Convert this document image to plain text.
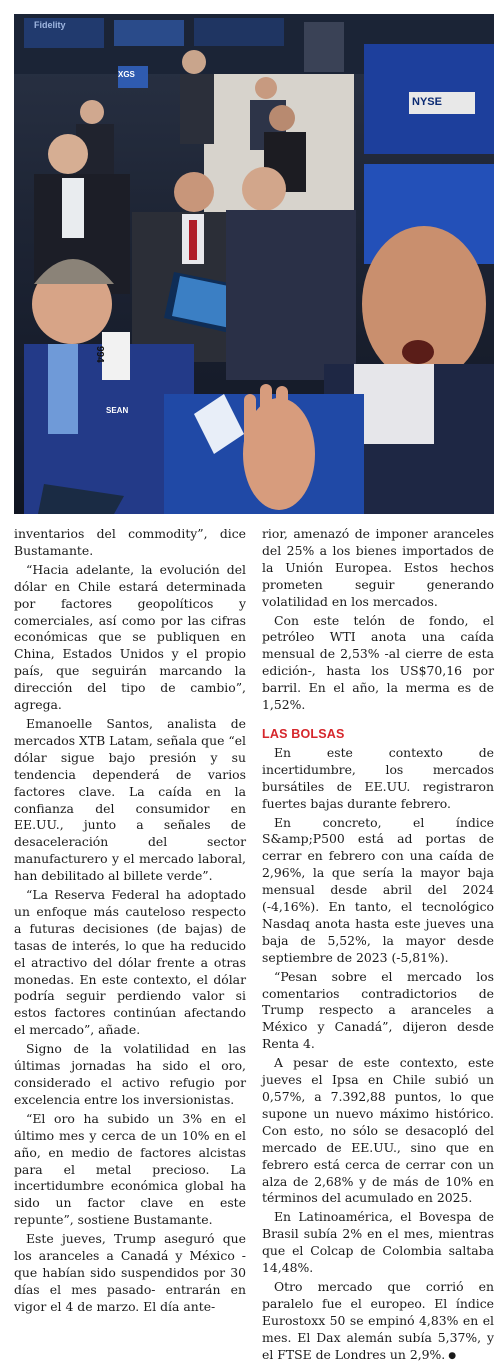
NYSE
XGS
Fidelity
994
SEAN

inventarios del commodity”, dice Bustamante.

“Hacia adelante, la evolución del dólar en Chile estará determinada por factores geopolíticos y comerciales, así como por las cifras económicas que se publiquen en China, Estados Unidos y el propio país, que seguirán marcando la dirección del tipo de cambio”, agrega.

Emanoelle Santos, analista de mercados XTB Latam, señala que “el dólar sigue bajo presión y su tendencia dependerá de varios factores clave. La caída en la confianza del consumidor en EE.UU., junto a señales de desaceleración del sector manufacturero y el mercado laboral, han debilitado al billete verde”.

“La Reserva Federal ha adoptado un enfoque más cauteloso respecto a futuras decisiones (de bajas) de tasas de interés, lo que ha reducido el atractivo del dólar frente a otras monedas. En este contexto, el dólar podría seguir perdiendo valor si estos factores continúan afectando el mercado”, añade.

Signo de la volatilidad en las últimas jornadas ha sido el oro, considerado el activo refugio por excelencia entre los inversionistas.

“El oro ha subido un 3% en el último mes y cerca de un 10% en el año, en medio de factores alcistas para el metal precioso. La incertidumbre económica global ha sido un factor clave en este repunte”, sostiene Bustamante.

Este jueves, Trump aseguró que los aranceles a Canadá y México -que habían sido suspendidos por 30 días el mes pasado- entrarán en vigor el 4 de marzo. El día ante-

rior, amenazó de imponer aranceles del 25% a los bienes importados de la Unión Europea. Estos hechos prometen seguir generando volatilidad en los mercados.

Con este telón de fondo, el petróleo WTI anota una caída mensual de 2,53% -al cierre de esta edición-, hasta los US$70,16 por barril. En el año, la merma es de 1,52%.

LAS BOLSAS

En este contexto de incertidumbre, los mercados bursátiles de EE.UU. registraron fuertes bajas durante febrero.

En concreto, el índice S&amp;P500 está ad portas de cerrar en febrero con una caída de 2,96%, la que sería la mayor baja mensual desde abril del 2024 (-4,16%). En tanto, el tecnológico Nasdaq anota hasta este jueves una baja de 5,52%, la mayor desde septiembre de 2023 (-5,81%).

“Pesan sobre el mercado los comentarios contradictorios de Trump respecto a aranceles a México y Canadá”, dijeron desde Renta 4.

A pesar de este contexto, este jueves el Ipsa en Chile subió un 0,57%, a 7.392,88 puntos, lo que supone un nuevo máximo histórico. Con esto, no sólo se desacopló del mercado de EE.UU., sino que en febrero está cerca de cerrar con un alza de 2,68% y de más de 10% en términos del acumulado en 2025.

En Latinoamérica, el Bovespa de Brasil subía 2% en el mes, mientras que el Colcap de Colombia saltaba 14,48%.

Otro mercado que corrió en paralelo fue el europeo. El índice Eurostoxx 50 se empinó 4,83% en el mes. El Dax alemán subía 5,37%, y el FTSE de Londres un 2,9%. ●
